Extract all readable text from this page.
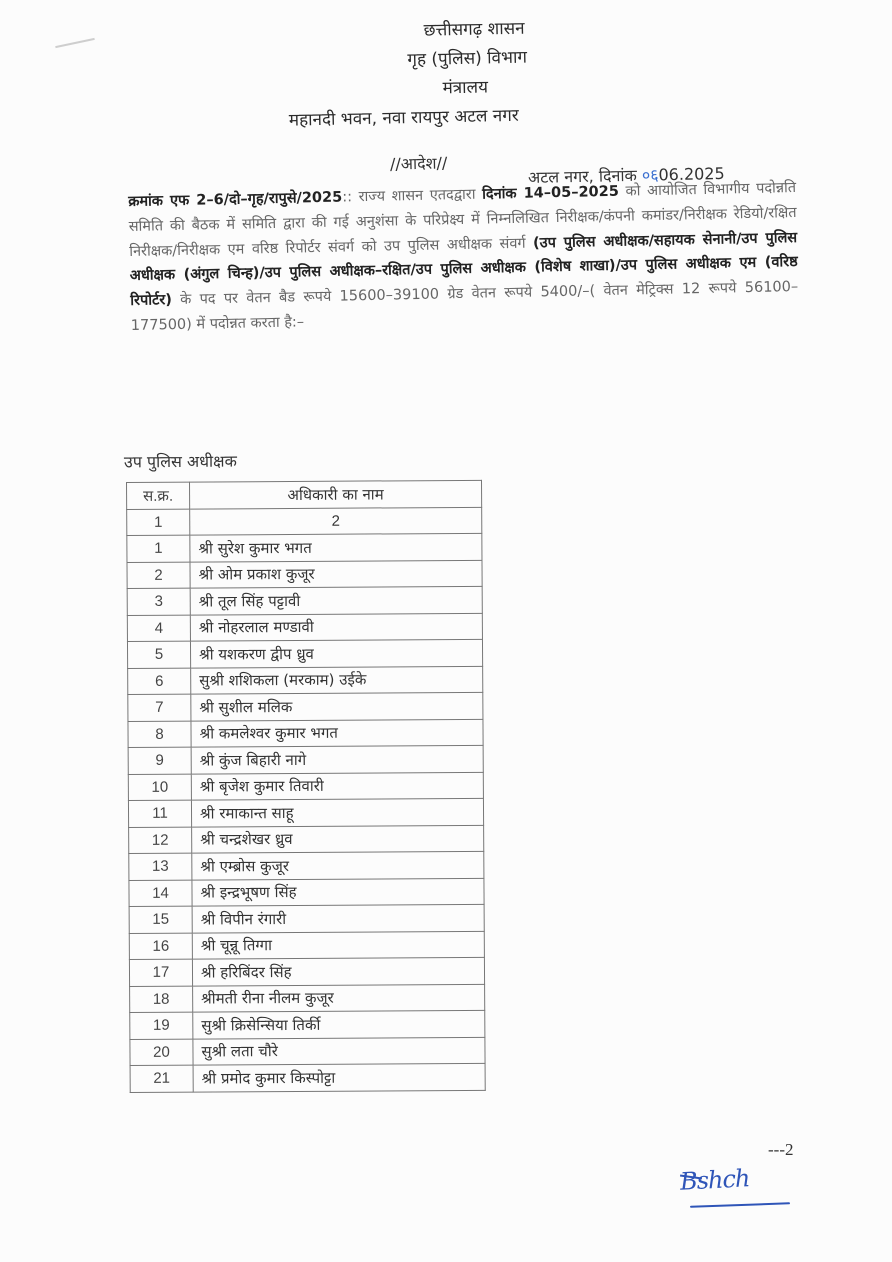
छत्तीसगढ़ शासन
गृह (पुलिस) विभाग
मंत्रालय
महानदी भवन, नवा रायपुर अटल नगर
//आदेश//
अटल नगर, दिनांक ०६06.2025
क्रमांक एफ 2–6/दो–गृह/रापुसे/2025:: राज्य शासन एतदद्वारा दिनांक 14–05–2025 को आयोजित विभागीय पदोन्नति समिति की बैठक में समिति द्वारा की गई अनुशंसा के परिप्रेक्ष्य में निम्नलिखित निरीक्षक/कंपनी कमांडर/निरीक्षक रेडियो/रक्षित निरीक्षक/निरीक्षक एम वरिष्ठ रिपोर्टर संवर्ग को उप पुलिस अधीक्षक संवर्ग (उप पुलिस अधीक्षक/सहायक सेनानी/उप पुलिस अधीक्षक (अंगुल चिन्ह)/उप पुलिस अधीक्षक–रक्षित/उप पुलिस अधीक्षक (विशेष शाखा)/उप पुलिस अधीक्षक एम (वरिष्ठ रिपोर्टर) के पद पर वेतन बैड रूपये 15600–39100 ग्रेड वेतन रूपये 5400/–( वेतन मेट्रिक्स 12 रूपये 56100–177500) में पदोन्नत करता है:–
उप पुलिस अधीक्षक
स.क्र.	अधिकारी का नाम
1	2
1	श्री सुरेश कुमार भगत
2	श्री ओम प्रकाश कुजूर
3	श्री तूल सिंह पट्टावी
4	श्री नोहरलाल मण्डावी
5	श्री यशकरण द्वीप ध्रुव
6	सुश्री शशिकला (मरकाम) उईके
7	श्री सुशील मलिक
8	श्री कमलेश्वर कुमार भगत
9	श्री कुंज बिहारी नागे
10	श्री बृजेश कुमार तिवारी
11	श्री रमाकान्त साहू
12	श्री चन्द्रशेखर ध्रुव
13	श्री एम्ब्रोस कुजूर
14	श्री इन्द्रभूषण सिंह
15	श्री विपीन रंगारी
16	श्री चून्नू तिग्गा
17	श्री हरिबिंदर सिंह
18	श्रीमती रीना नीलम कुजूर
19	सुश्री क्रिसेन्सिया तिर्की
20	सुश्री लता चौरे
21	श्री प्रमोद कुमार किस्पोट्टा
---2
Bshch
